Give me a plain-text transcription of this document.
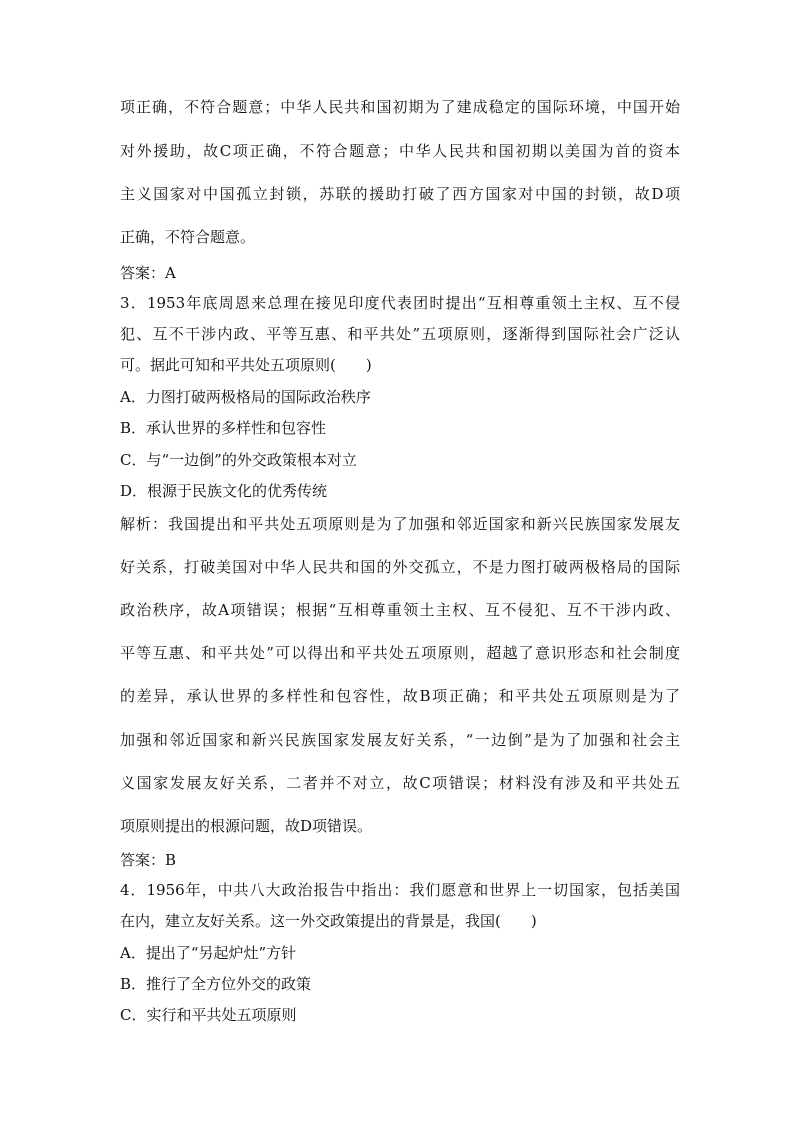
项正确，不符合题意；中华人民共和国初期为了建成稳定的国际环境，中国开始
对外援助，故C项正确，不符合题意；中华人民共和国初期以美国为首的资本
主义国家对中国孤立封锁，苏联的援助打破了西方国家对中国的封锁，故D项
正确，不符合题意。
答案：A
3．1953年底周恩来总理在接见印度代表团时提出“互相尊重领土主权、互不侵
犯、互不干涉内政、平等互惠、和平共处”五项原则，逐渐得到国际社会广泛认
可。据此可知和平共处五项原则(　　)
A．力图打破两极格局的国际政治秩序
B．承认世界的多样性和包容性
C．与“一边倒”的外交政策根本对立
D．根源于民族文化的优秀传统
解析：我国提出和平共处五项原则是为了加强和邻近国家和新兴民族国家发展友
好关系，打破美国对中华人民共和国的外交孤立，不是力图打破两极格局的国际
政治秩序，故A项错误；根据“互相尊重领土主权、互不侵犯、互不干涉内政、
平等互惠、和平共处”可以得出和平共处五项原则，超越了意识形态和社会制度
的差异，承认世界的多样性和包容性，故B项正确；和平共处五项原则是为了
加强和邻近国家和新兴民族国家发展友好关系，“一边倒”是为了加强和社会主
义国家发展友好关系，二者并不对立，故C项错误；材料没有涉及和平共处五
项原则提出的根源问题，故D项错误。
答案：B
4．1956年，中共八大政治报告中指出：我们愿意和世界上一切国家，包括美国
在内，建立友好关系。这一外交政策提出的背景是，我国(　　)
A．提出了“另起炉灶”方针
B．推行了全方位外交的政策
C．实行和平共处五项原则
